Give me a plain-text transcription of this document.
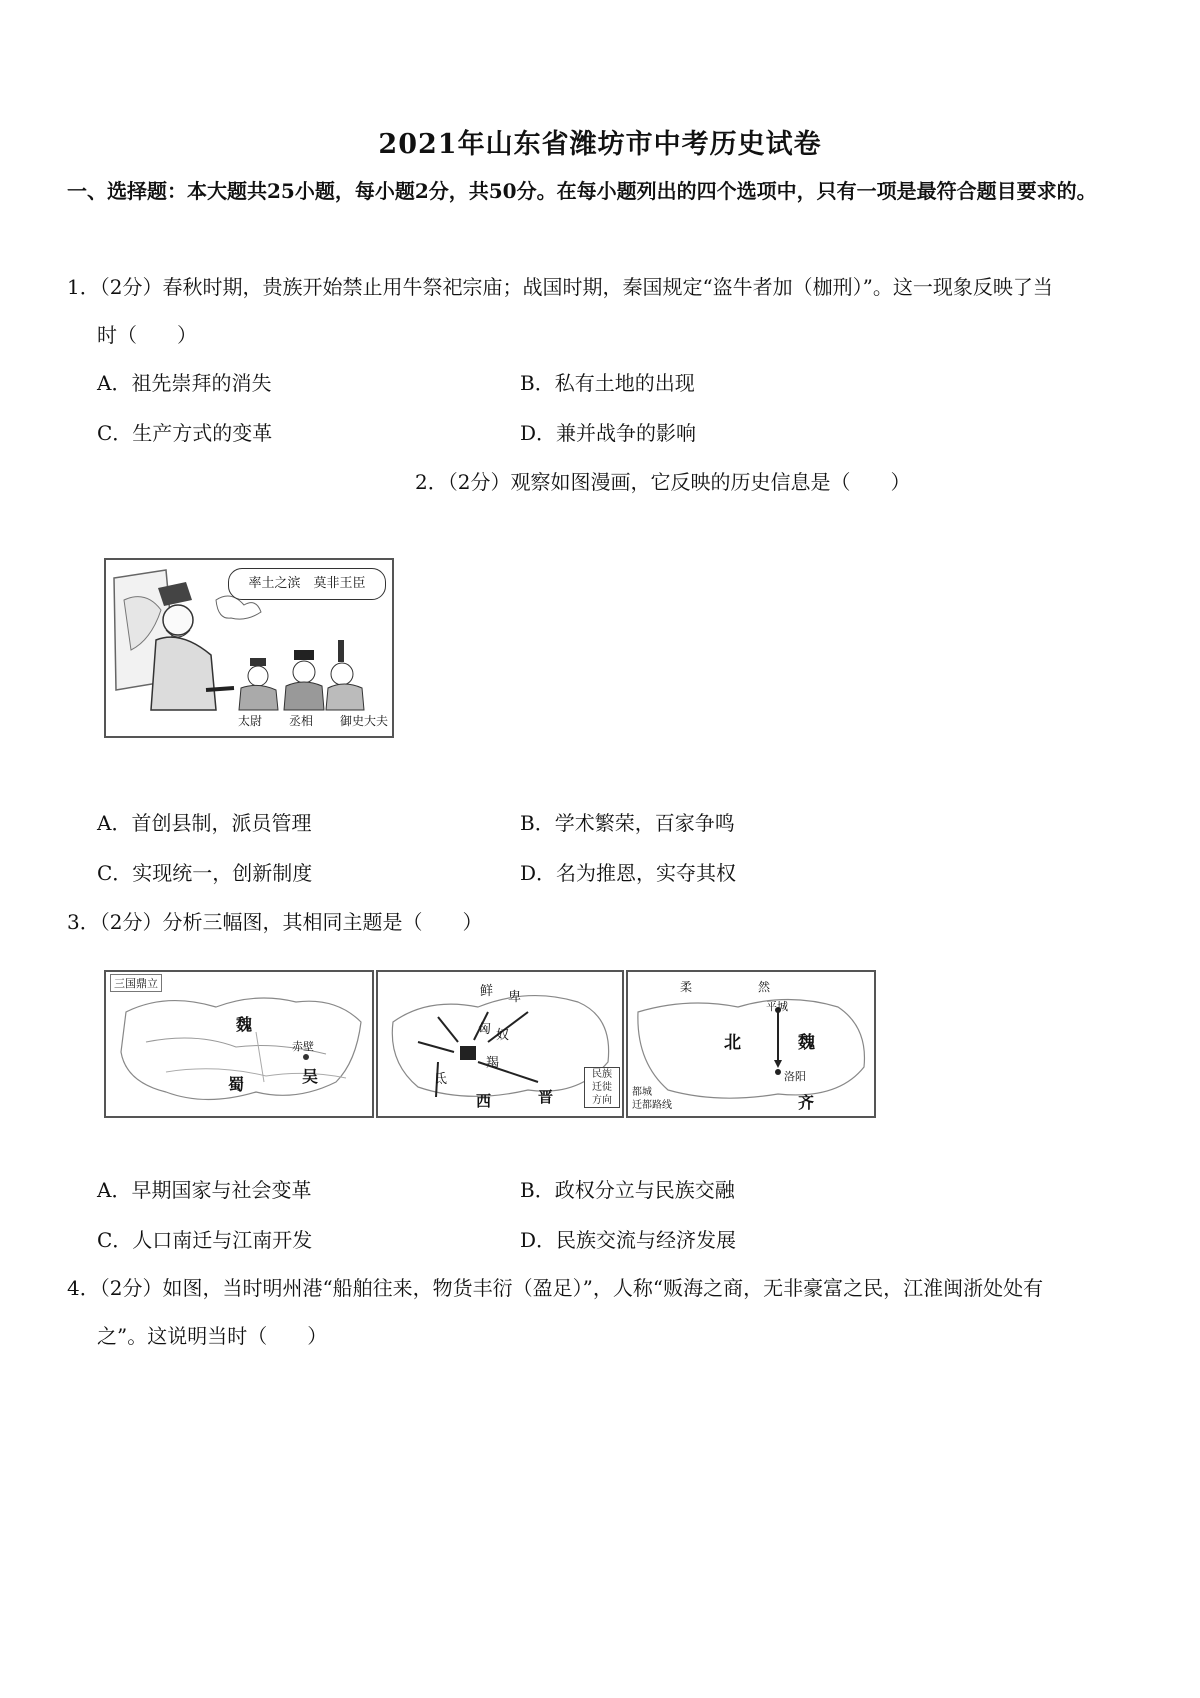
2021年山东省潍坊市中考历史试卷
一、选择题：本大题共25小题，每小题2分，共50分。在每小题列出的四个选项中，只有一项是最符合题目要求的。
1．（2分）春秋时期，贵族开始禁止用牛祭祀宗庙；战国时期，秦国规定“盗牛者加（枷刑）”。这一现象反映了当
时（　　）
A．祖先崇拜的消失	B．私有土地的出现
C．生产方式的变革	D．兼并战争的影响
2．（2分）观察如图漫画，它反映的历史信息是（　　）
率土之滨　莫非王臣
太尉 丞相 御史大夫
A．首创县制，派员管理	B．学术繁荣，百家争鸣
C．实现统一，创新制度	D．名为推恩，实夺其权
3．（2分）分析三幅图，其相同主题是（　　）
三国鼎立
魏
蜀	吴
赤壁
鲜 卑
匈 奴
羯
氐
西	晋
民族
迁徙
方向
柔	然
北	魏
平城
洛阳
齐
都城
迁都路线
A．早期国家与社会变革	B．政权分立与民族交融
C．人口南迁与江南开发	D．民族交流与经济发展
4．（2分）如图，当时明州港“船舶往来，物货丰衍（盈足）”，人称“贩海之商，无非豪富之民，江淮闽浙处处有
之”。这说明当时（　　）
